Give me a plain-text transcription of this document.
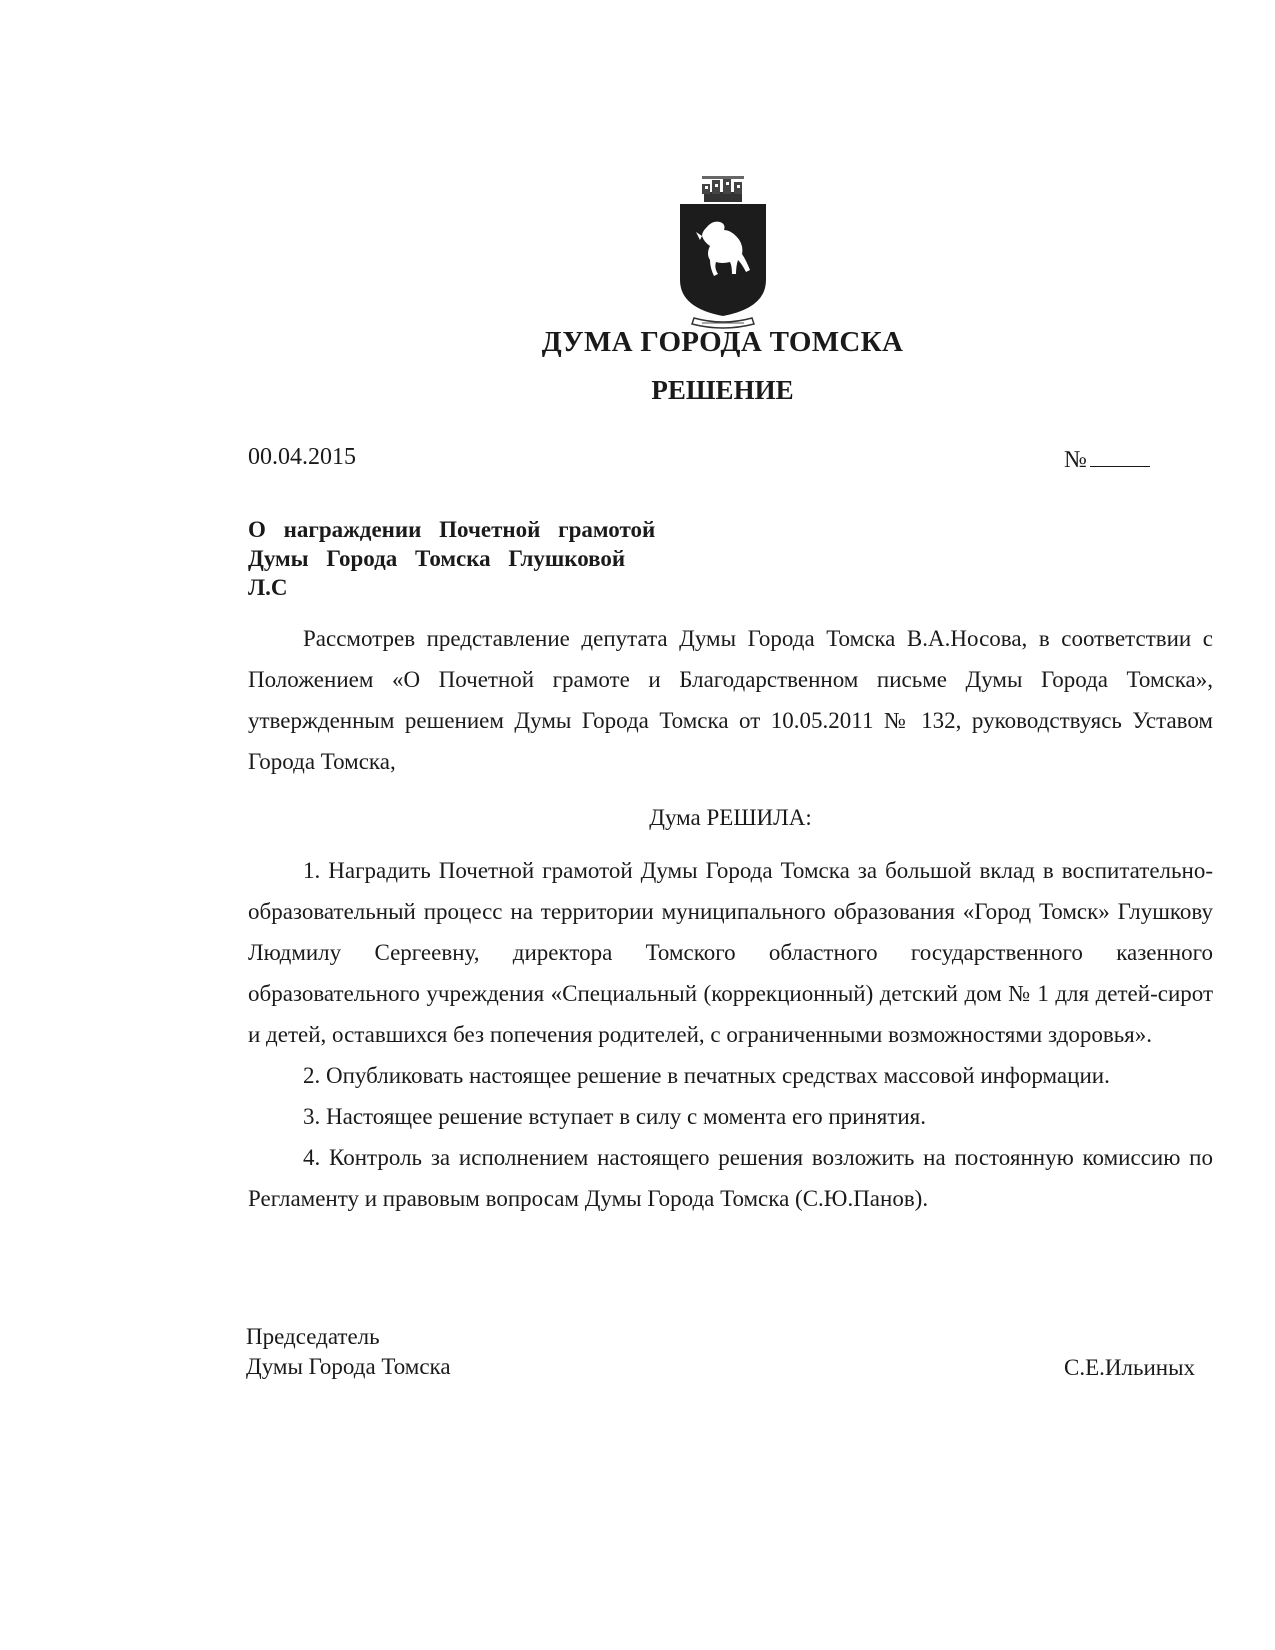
ДУМА ГОРОДА ТОМСКА
РЕШЕНИЕ
00.04.2015	№
О награждении Почетной грамотой
Думы Города Томска Глушковой
Л.С

Рассмотрев представление депутата Думы Города Томска В.А.Носова, в соответствии с Положением «О Почетной грамоте и Благодарственном письме Думы Города Томска», утвержденным решением Думы Города Томска от 10.05.2011 № 132, руководствуясь Уставом Города Томска,

Дума РЕШИЛА:

1. Наградить Почетной грамотой Думы Города Томска за большой вклад в воспитательно-образовательный процесс на территории муниципального образования «Город Томск» Глушкову Людмилу Сергеевну, директора Томского областного государственного казенного образовательного учреждения «Специальный (коррекционный) детский дом № 1 для детей-сирот и детей, оставшихся без попечения родителей, с ограниченными возможностями здоровья».

2. Опубликовать настоящее решение в печатных средствах массовой информации.

3. Настоящее решение вступает в силу с момента его принятия.

4. Контроль за исполнением настоящего решения возложить на постоянную комиссию по Регламенту и правовым вопросам Думы Города Томска (С.Ю.Панов).

Председатель
Думы Города Томска	С.Е.Ильиных
